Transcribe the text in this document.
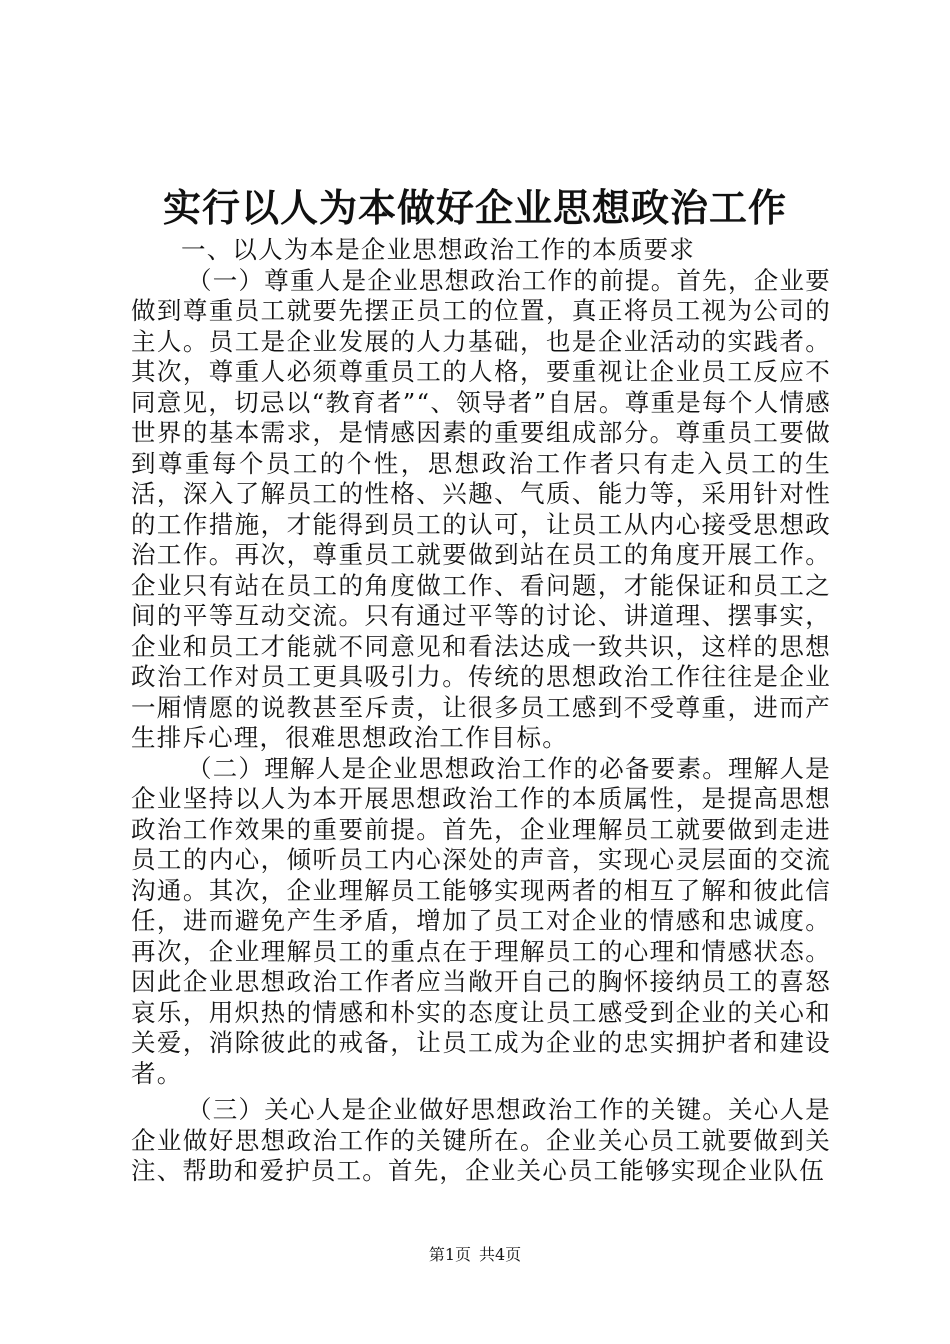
实行以人为本做好企业思想政治工作

一、以人为本是企业思想政治工作的本质要求

（一）尊重人是企业思想政治工作的前提。首先，企业要做到尊重员工就要先摆正员工的位置，真正将员工视为公司的主人。员工是企业发展的人力基础，也是企业活动的实践者。其次，尊重人必须尊重员工的人格，要重视让企业员工反应不同意见，切忌以“教育者”“、领导者”自居。尊重是每个人情感世界的基本需求，是情感因素的重要组成部分。尊重员工要做到尊重每个员工的个性，思想政治工作者只有走入员工的生活，深入了解员工的性格、兴趣、气质、能力等，采用针对性的工作措施，才能得到员工的认可，让员工从内心接受思想政治工作。再次，尊重员工就要做到站在员工的角度开展工作。企业只有站在员工的角度做工作、看问题，才能保证和员工之间的平等互动交流。只有通过平等的讨论、讲道理、摆事实，企业和员工才能就不同意见和看法达成一致共识，这样的思想政治工作对员工更具吸引力。传统的思想政治工作往往是企业一厢情愿的说教甚至斥责，让很多员工感到不受尊重，进而产生排斥心理，很难思想政治工作目标。

（二）理解人是企业思想政治工作的必备要素。理解人是企业坚持以人为本开展思想政治工作的本质属性，是提高思想政治工作效果的重要前提。首先，企业理解员工就要做到走进员工的内心，倾听员工内心深处的声音，实现心灵层面的交流沟通。其次，企业理解员工能够实现两者的相互了解和彼此信任，进而避免产生矛盾，增加了员工对企业的情感和忠诚度。再次，企业理解员工的重点在于理解员工的心理和情感状态。因此企业思想政治工作者应当敞开自己的胸怀接纳员工的喜怒哀乐，用炽热的情感和朴实的态度让员工感受到企业的关心和关爱，消除彼此的戒备，让员工成为企业的忠实拥护者和建设者。

（三）关心人是企业做好思想政治工作的关键。关心人是企业做好思想政治工作的关键所在。企业关心员工就要做到关注、帮助和爱护员工。首先，企业关心员工能够实现企业队伍

第1页 共4页
